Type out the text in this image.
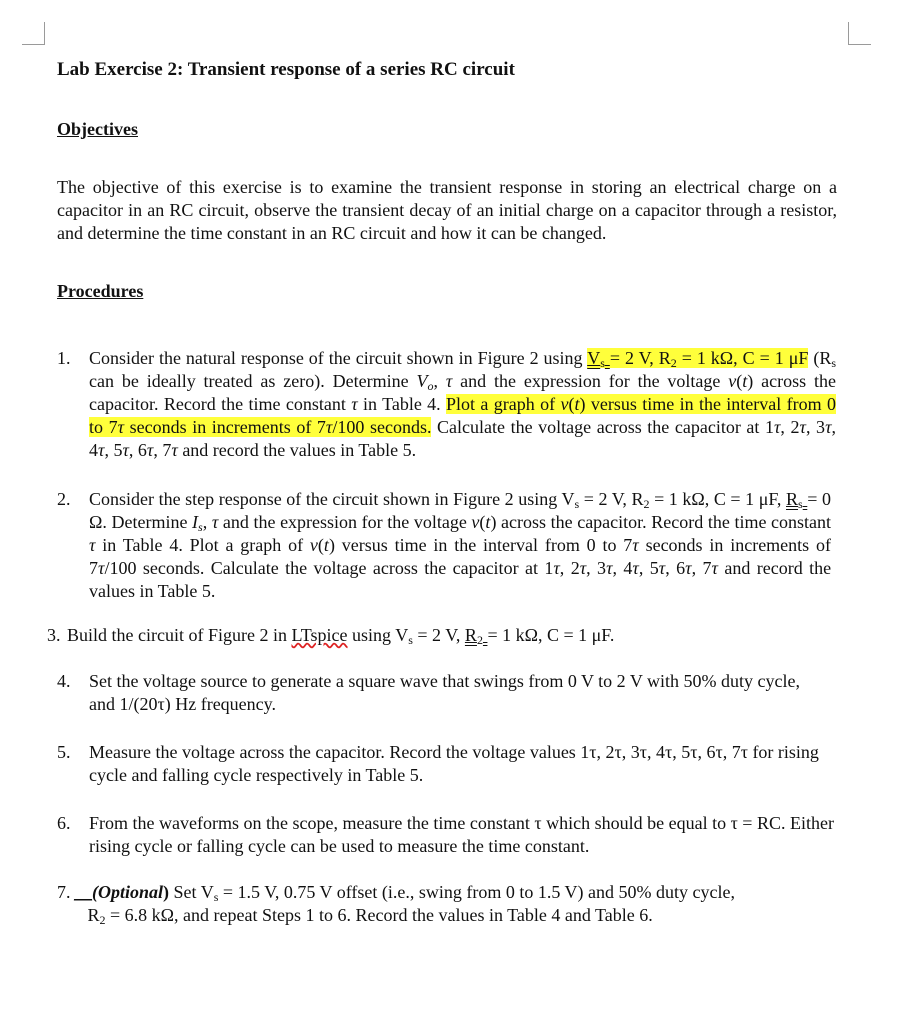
Lab Exercise 2: Transient response of a series RC circuit
Objectives

The objective of this exercise is to examine the transient response in storing an electrical charge on a capacitor in an RC circuit, observe the transient decay of an initial charge on a capacitor through a resistor, and determine the time constant in an RC circuit and how it can be changed.

Procedures
1. Consider the natural response of the circuit shown in Figure 2 using $V_s = 2$ V, $R_2 = 1$ kΩ, C = 1 μF ($R_s$ can be ideally treated as zero). Determine $V_o$, τ and the expression for the voltage v(t) across the capacitor. Record the time constant τ in Table 4. Plot a graph of v(t) versus time in the interval from 0 to 7τ seconds in increments of 7τ/100 seconds. Calculate the voltage across the capacitor at 1τ, 2τ, 3τ, 4τ, 5τ, 6τ, 7τ and record the values in Table 5.
2. Consider the step response of the circuit shown in Figure 2 using $V_s = 2$ V, $R_2 = 1$ kΩ, C = 1 μF, $R_s = 0$ Ω. Determine $I_s$, τ and the expression for the voltage v(t) across the capacitor. Record the time constant τ in Table 4. Plot a graph of v(t) versus time in the interval from 0 to 7τ seconds in increments of 7τ/100 seconds. Calculate the voltage across the capacitor at 1τ, 2τ, 3τ, 4τ, 5τ, 6τ, 7τ and record the values in Table 5.
3. Build the circuit of Figure 2 in LTspice using $V_s = 2$ V, $R_2 = 1$ kΩ, C = 1 μF.
4. Set the voltage source to generate a square wave that swings from 0 V to 2 V with 50% duty cycle, and 1/(20τ) Hz frequency.
5. Measure the voltage across the capacitor. Record the voltage values 1τ, 2τ, 3τ, 4τ, 5τ, 6τ, 7τ for rising cycle and falling cycle respectively in Table 5.
6. From the waveforms on the scope, measure the time constant τ which should be equal to τ = RC. Either rising cycle or falling cycle can be used to measure the time constant.
7. __(Optional) Set $V_s = 1.5$ V, 0.75 V offset (i.e., swing from 0 to 1.5 V) and 50% duty cycle,
$R_2 = 6.8$ kΩ, and repeat Steps 1 to 6. Record the values in Table 4 and Table 6.
